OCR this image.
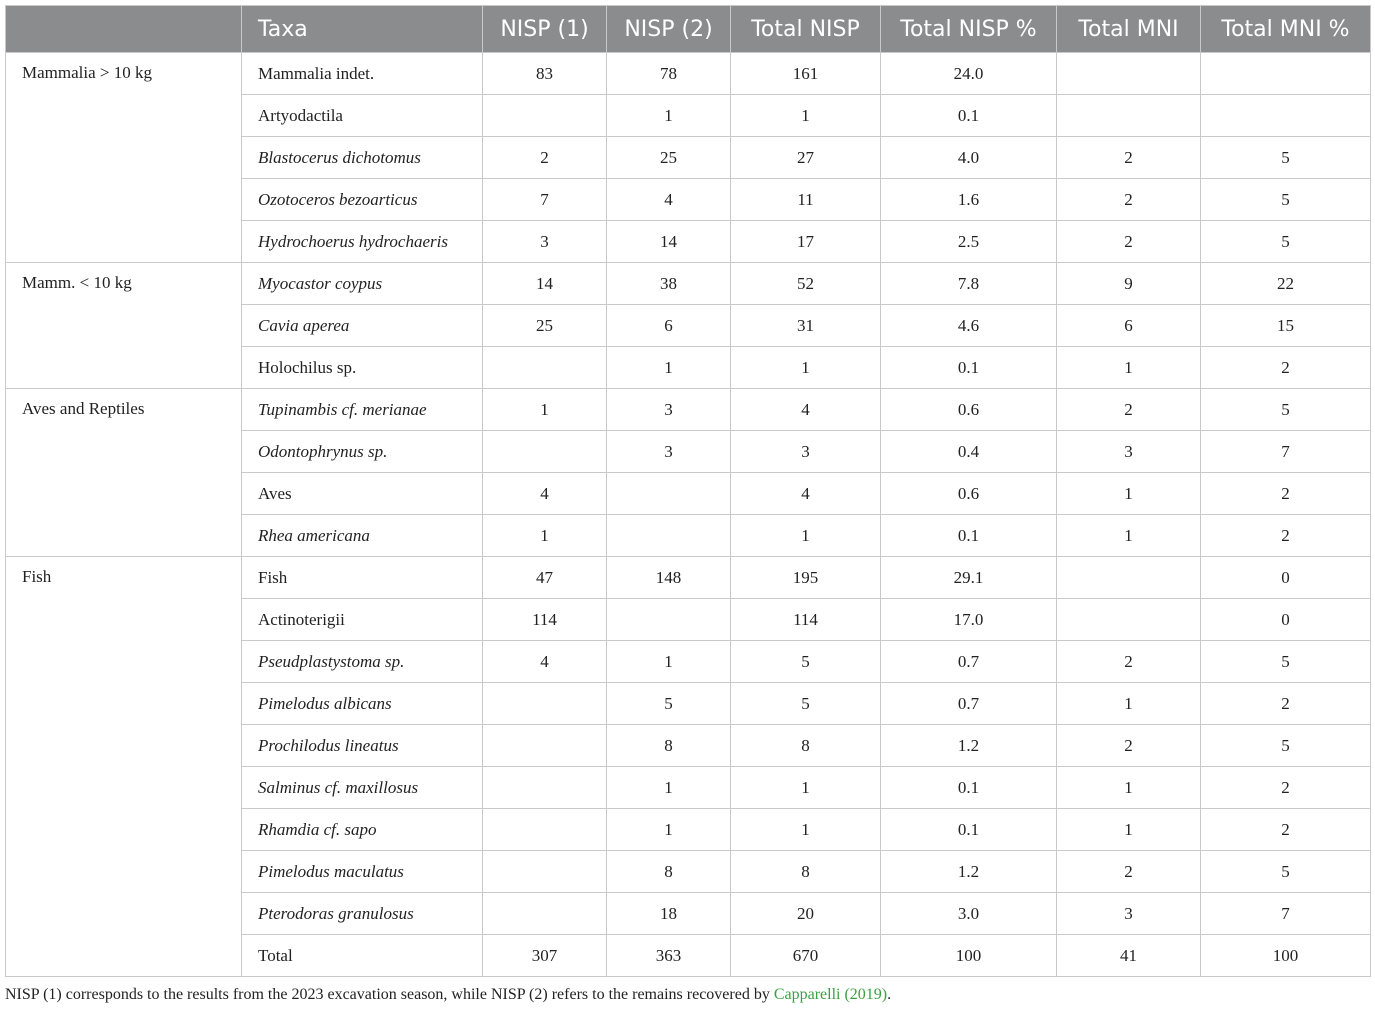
	Taxa	NISP (1)	NISP (2)	Total NISP	Total NISP %	Total MNI	Total MNI %
Mammalia > 10 kg	Mammalia indet.	83	78	161	24.0		
	Artyodactila		1	1	0.1		
	Blastocerus dichotomus	2	25	27	4.0	2	5
	Ozotoceros bezoarticus	7	4	11	1.6	2	5
	Hydrochoerus hydrochaeris	3	14	17	2.5	2	5
Mamm. < 10 kg	Myocastor coypus	14	38	52	7.8	9	22
	Cavia aperea	25	6	31	4.6	6	15
	Holochilus sp.		1	1	0.1	1	2
Aves and Reptiles	Tupinambis cf. merianae	1	3	4	0.6	2	5
	Odontophrynus sp.		3	3	0.4	3	7
	Aves	4		4	0.6	1	2
	Rhea americana	1		1	0.1	1	2
Fish	Fish	47	148	195	29.1		0
	Actinoterigii	114		114	17.0		0
	Pseudplastystoma sp.	4	1	5	0.7	2	5
	Pimelodus albicans		5	5	0.7	1	2
	Prochilodus lineatus		8	8	1.2	2	5
	Salminus cf. maxillosus		1	1	0.1	1	2
	Rhamdia cf. sapo		1	1	0.1	1	2
	Pimelodus maculatus		8	8	1.2	2	5
	Pterodoras granulosus		18	20	3.0	3	7
	Total	307	363	670	100	41	100
NISP (1) corresponds to the results from the 2023 excavation season, while NISP (2) refers to the remains recovered by Capparelli (2019).
